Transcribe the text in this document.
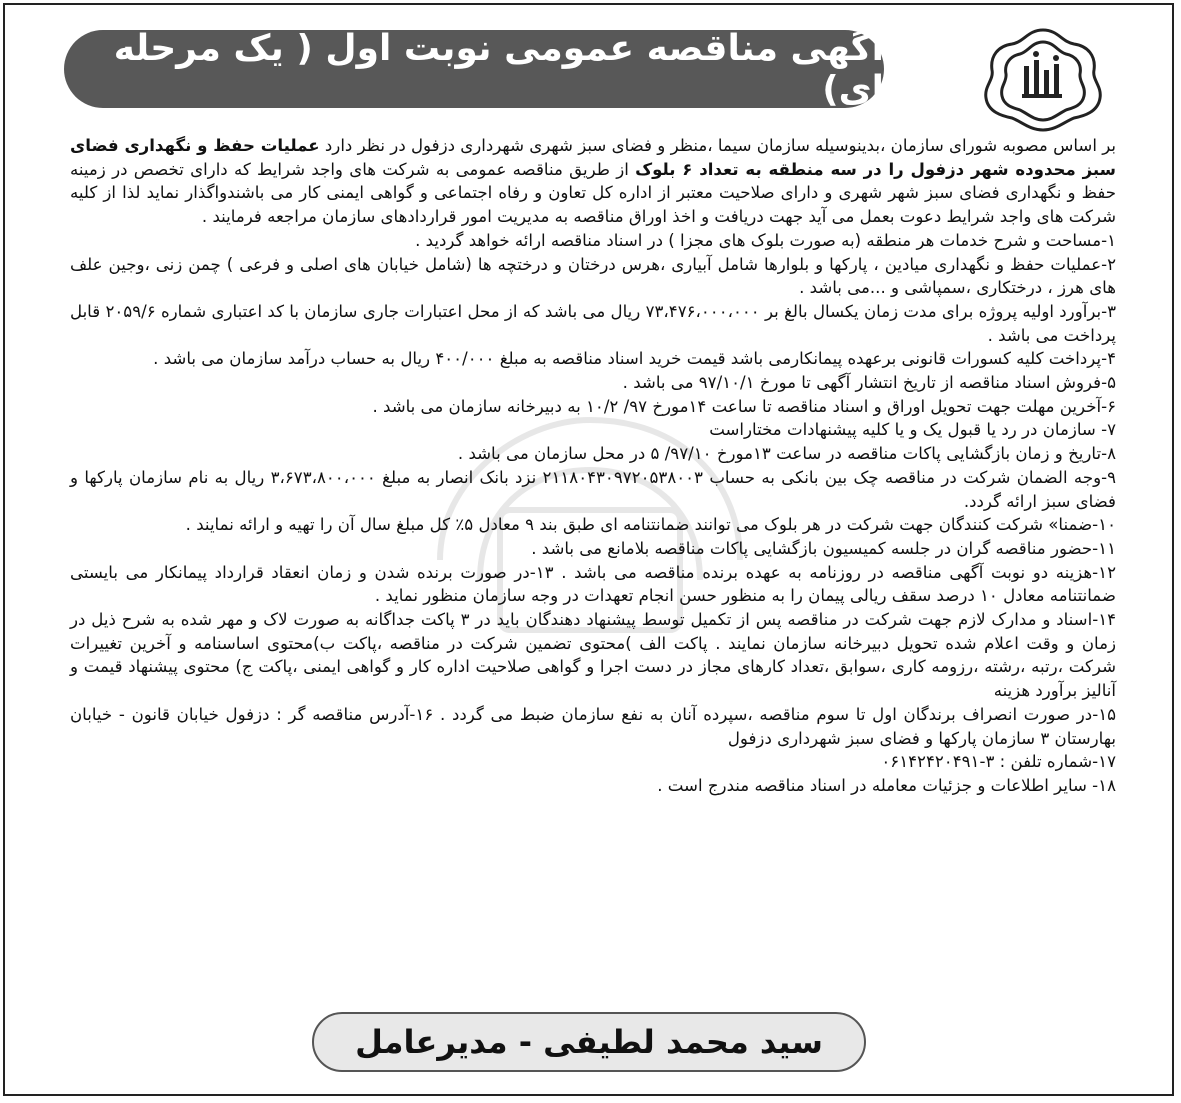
آگهی مناقصه عمومی نوبت اول ( یک مرحله ای)

بر اساس مصوبه شورای سازمان ،بدینوسیله سازمان سیما ،منظر و فضای سبز شهری شهرداری دزفول در نظر دارد عملیات حفظ و نگهداری فضای سبز محدوده شهر دزفول را در سه منطقه به تعداد ۶ بلوک از طریق مناقصه عمومی به شرکت های واجد شرایط که دارای تخصص در زمینه حفظ و نگهداری فضای سبز شهر شهری و دارای صلاحیت معتبر از اداره کل تعاون و رفاه اجتماعی و گواهی ایمنی کار می باشندواگذار نماید لذا از کلیه شرکت های واجد شرایط دعوت بعمل می آید جهت دریافت و اخذ اوراق مناقصه به مدیریت امور قراردادهای سازمان مراجعه فرمایند .

۱-مساحت و شرح خدمات هر منطقه (به صورت بلوک های مجزا ) در اسناد مناقصه ارائه خواهد گردید .

۲-عملیات حفظ و نگهداری میادین ، پارکها و بلوارها شامل آبیاری ،هرس درختان و درختچه ها (شامل خیابان های اصلی و فرعی ) چمن زنی ،وجین علف های هرز ، درختکاری ،سمپاشی و ...می باشد .

۳-برآورد اولیه پروژه برای مدت زمان یکسال بالغ بر ۷۳،۴۷۶،۰۰۰،۰۰۰ ریال می باشد که از محل اعتبارات جاری سازمان با کد اعتباری شماره ۲۰۵۹/۶ قابل پرداخت می باشد .

۴-پرداخت کلیه کسورات قانونی برعهده پیمانکارمی باشد قیمت خرید اسناد مناقصه به مبلغ ۴۰۰/۰۰۰ ریال به حساب درآمد سازمان می باشد .

۵-فروش اسناد مناقصه از تاریخ انتشار آگهی تا مورخ ۹۷/۱۰/۱ می باشد .

۶-آخرین مهلت جهت تحویل اوراق و اسناد مناقصه تا ساعت ۱۴مورخ ۹۷/ ۱۰/۲ به دبیرخانه سازمان می باشد .

۷- سازمان در رد یا قبول یک و یا کلیه پیشنهادات مختاراست

۸-تاریخ و زمان بازگشایی پاکات مناقصه در ساعت ۱۳مورخ ۹۷/۱۰/ ۵ در محل سازمان می باشد .

۹-وجه الضمان شرکت در مناقصه چک بین بانکی به حساب ۲۱۱۸۰۴۳۰۹۷۲۰۵۳۸۰۰۳ نزد بانک انصار به مبلغ ۳،۶۷۳،۸۰۰،۰۰۰ ریال به نام سازمان پارکها و فضای سبز ارائه گردد.

۱۰-ضمنا» شرکت کنندگان جهت شرکت در هر بلوک می توانند ضمانتنامه ای طبق بند ۹ معادل ۵٪ کل مبلغ سال آن را تهیه و ارائه نمایند .

۱۱-حضور مناقصه گران در جلسه کمیسیون بازگشایی پاکات مناقصه بلامانع می باشد .

۱۲-هزینه دو نوبت آگهی مناقصه در روزنامه به عهده برنده مناقصه می باشد . ۱۳-در صورت برنده شدن و زمان انعقاد قرارداد پیمانکار می بایستی ضمانتنامه معادل ۱۰ درصد سقف ریالی پیمان را به منظور حسن انجام تعهدات در وجه سازمان منظور نماید .

۱۴-اسناد و مدارک لازم جهت شرکت در مناقصه پس از تکمیل توسط پیشنهاد دهندگان باید در ۳ پاکت جداگانه به صورت لاک و مهر شده به شرح ذیل در زمان و وقت اعلام شده تحویل دبیرخانه سازمان نمایند . پاکت الف )محتوی تضمین شرکت در مناقصه ،پاکت ب)محتوی اساسنامه و آخرین تغییرات شرکت ،رتبه ،رشته ،رزومه کاری ،سوابق ،تعداد کارهای مجاز در دست اجرا و گواهی صلاحیت اداره کار و گواهی ایمنی ،پاکت ج) محتوی پیشنهاد قیمت و آنالیز برآورد هزینه

۱۵-در صورت انصراف برندگان اول تا سوم مناقصه ،سپرده آنان به نفع سازمان ضبط می گردد . ۱۶-آدرس مناقصه گر : دزفول خیابان قانون - خیابان بهارستان ۳ سازمان پارکها و فضای سبز شهرداری دزفول

۱۷-شماره تلفن : ۳-۰۶۱۴۲۴۲۰۴۹۱

۱۸- سایر اطلاعات و جزئیات معامله در اسناد مناقصه مندرج است .

سید محمد لطیفی - مدیرعامل
